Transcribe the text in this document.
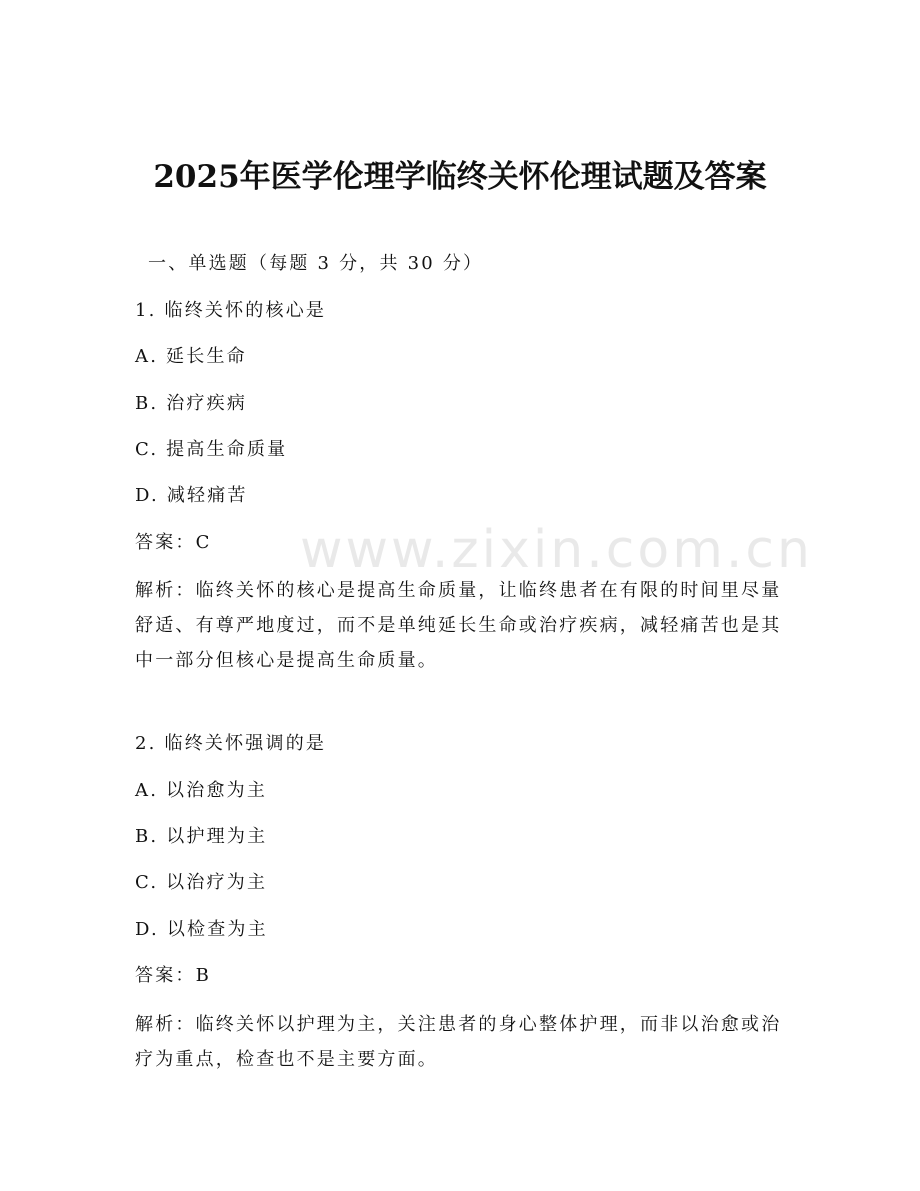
www.zixin.com.cn
2025年医学伦理学临终关怀伦理试题及答案
一、单选题（每题 3 分，共 30 分）
1. 临终关怀的核心是
A. 延长生命
B. 治疗疾病
C. 提高生命质量
D. 减轻痛苦
答案：C
解析：临终关怀的核心是提高生命质量，让临终患者在有限的时间里尽量舒适、有尊严地度过，而不是单纯延长生命或治疗疾病，减轻痛苦也是其中一部分但核心是提高生命质量。
2. 临终关怀强调的是
A. 以治愈为主
B. 以护理为主
C. 以治疗为主
D. 以检查为主
答案：B
解析：临终关怀以护理为主，关注患者的身心整体护理，而非以治愈或治疗为重点，检查也不是主要方面。
